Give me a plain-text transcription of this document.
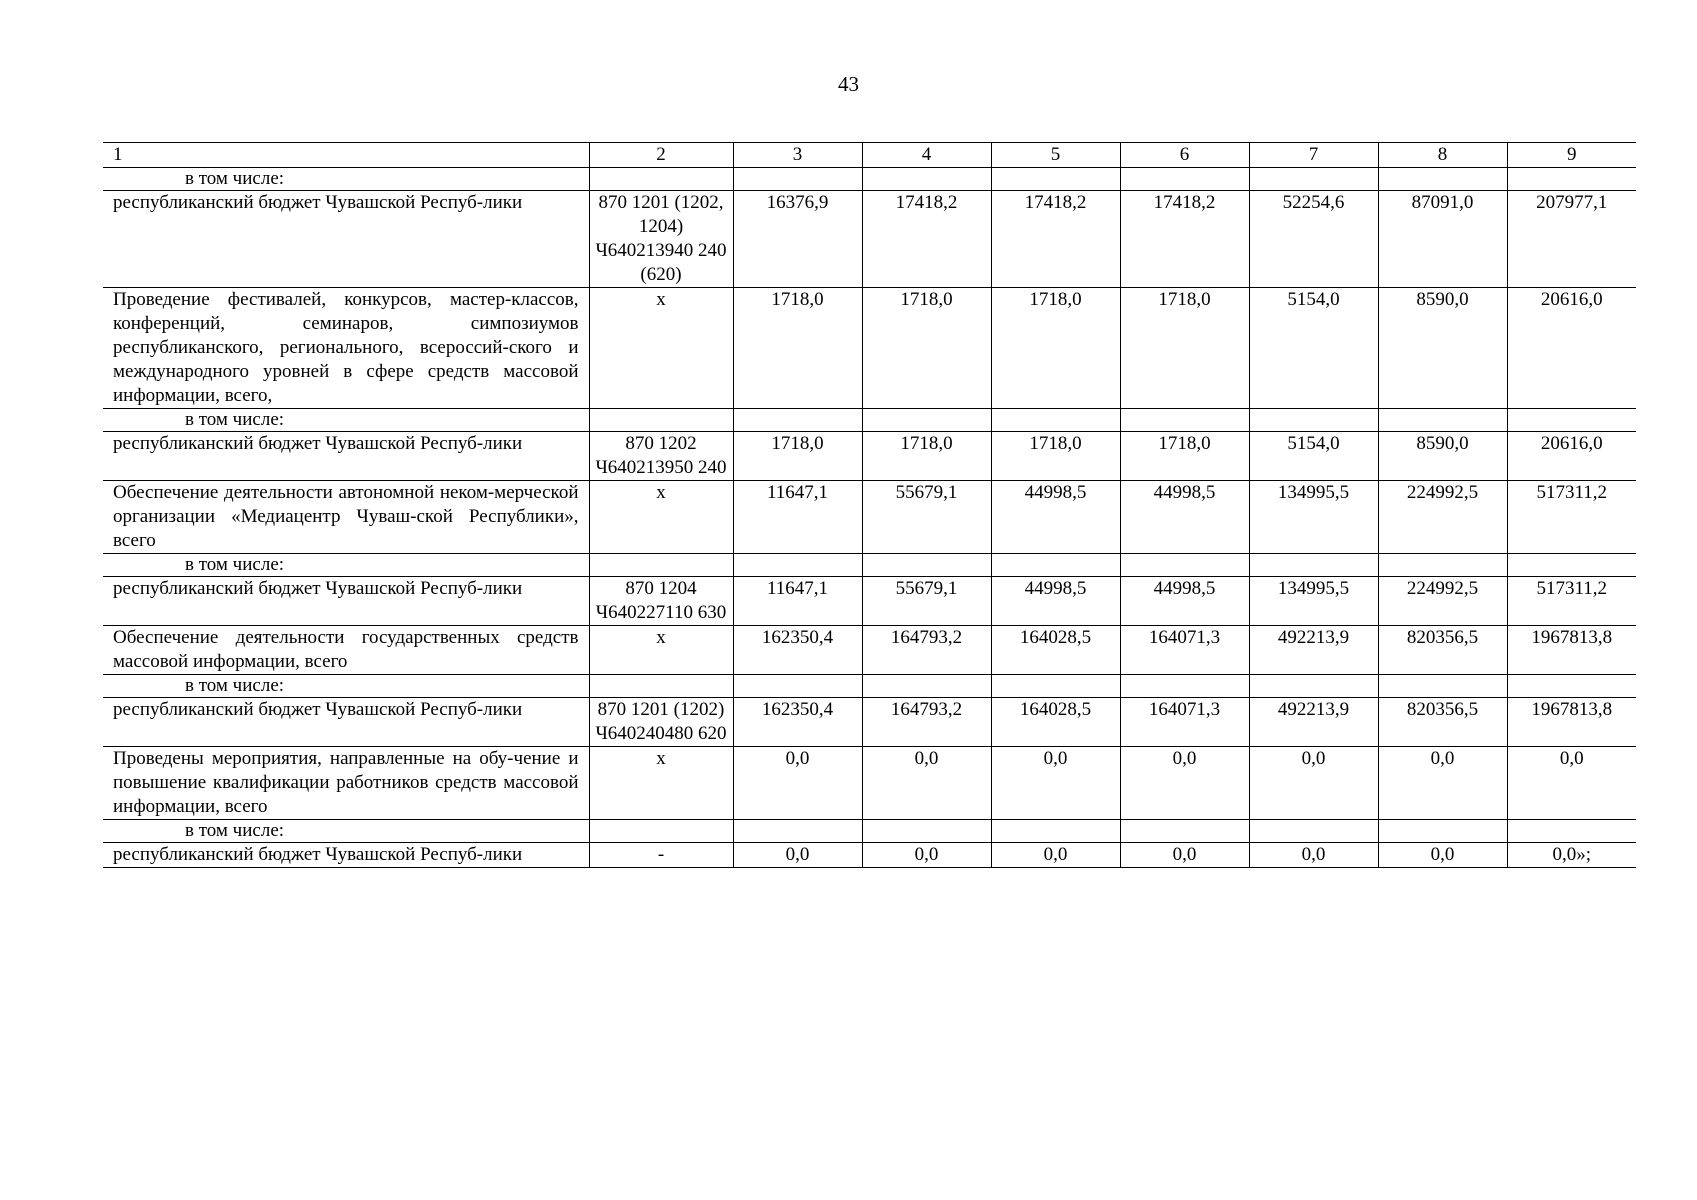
43
1	2	3	4	5	6	7	8	9
в том числе:								
республиканский бюджет Чувашской Респуб-лики	870 1201 (1202, 1204) Ч640213940 240 (620)	16376,9	17418,2	17418,2	17418,2	52254,6	87091,0	207977,1
Проведение фестивалей, конкурсов, мастер-классов, конференций, семинаров, симпозиумов республиканского, регионального, всероссий-ского и международного уровней в сфере средств массовой информации, всего,	х	1718,0	1718,0	1718,0	1718,0	5154,0	8590,0	20616,0
в том числе:								
республиканский бюджет Чувашской Респуб-лики	870 1202 Ч640213950 240	1718,0	1718,0	1718,0	1718,0	5154,0	8590,0	20616,0
Обеспечение деятельности автономной неком-мерческой организации «Медиацентр Чуваш-ской Республики», всего	х	11647,1	55679,1	44998,5	44998,5	134995,5	224992,5	517311,2
в том числе:								
республиканский бюджет Чувашской Респуб-лики	870 1204 Ч640227110 630	11647,1	55679,1	44998,5	44998,5	134995,5	224992,5	517311,2
Обеспечение деятельности государственных средств массовой информации, всего	х	162350,4	164793,2	164028,5	164071,3	492213,9	820356,5	1967813,8
в том числе:								
республиканский бюджет Чувашской Респуб-лики	870 1201 (1202) Ч640240480 620	162350,4	164793,2	164028,5	164071,3	492213,9	820356,5	1967813,8
Проведены мероприятия, направленные на обу-чение и повышение квалификации работников средств массовой информации, всего	х	0,0	0,0	0,0	0,0	0,0	0,0	0,0
в том числе:								
республиканский бюджет Чувашской Респуб-лики	-	0,0	0,0	0,0	0,0	0,0	0,0	0,0»;
